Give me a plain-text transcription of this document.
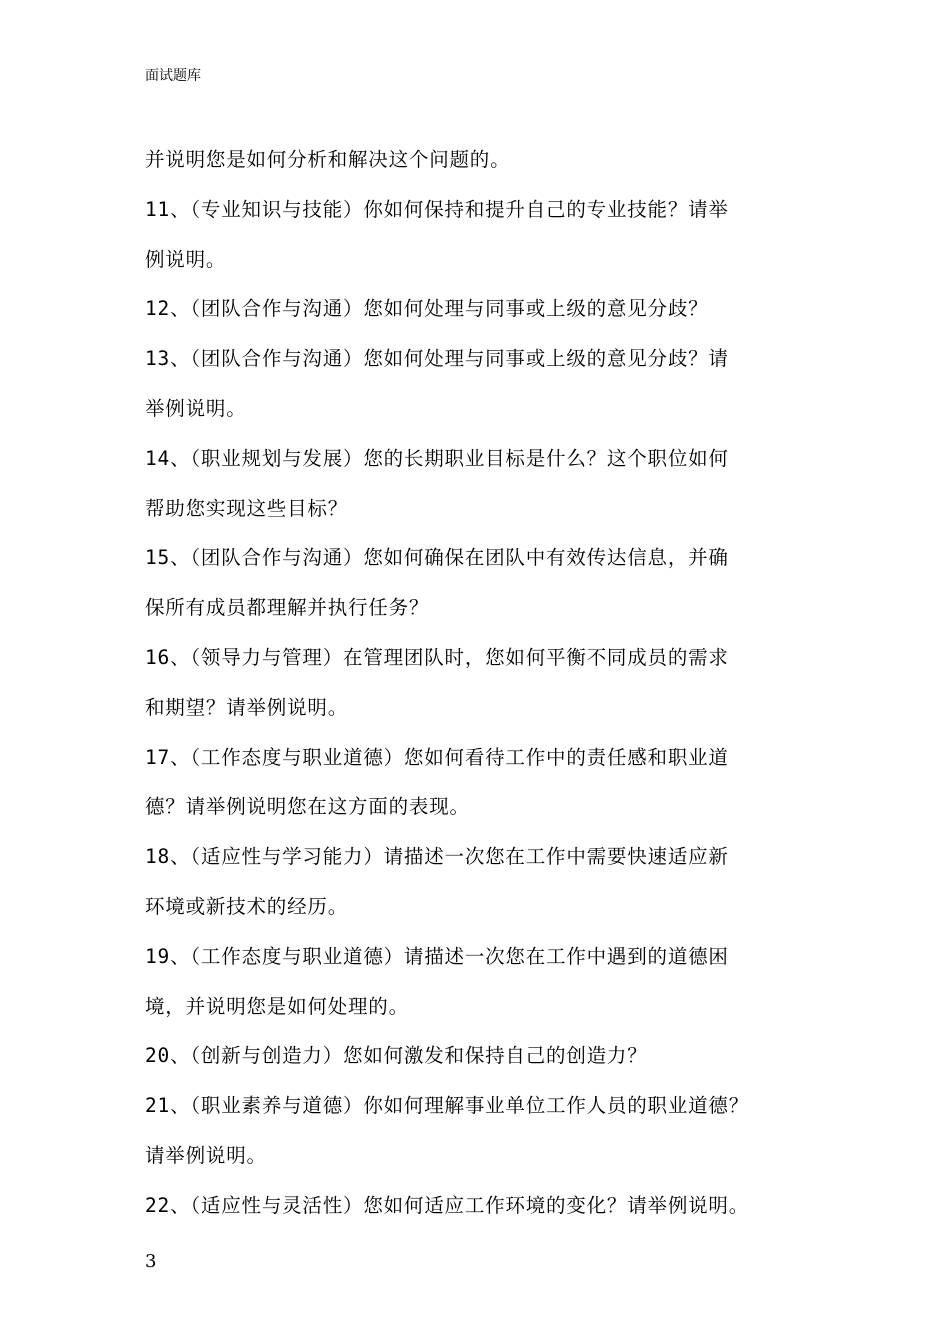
面试题库
并说明您是如何分析和解决这个问题的。
11、（专业知识与技能）你如何保持和提升自己的专业技能？请举
例说明。
12、（团队合作与沟通）您如何处理与同事或上级的意见分歧？
13、（团队合作与沟通）您如何处理与同事或上级的意见分歧？请
举例说明。
14、（职业规划与发展）您的长期职业目标是什么？这个职位如何
帮助您实现这些目标？
15、（团队合作与沟通）您如何确保在团队中有效传达信息，并确
保所有成员都理解并执行任务？
16、（领导力与管理）在管理团队时，您如何平衡不同成员的需求
和期望？请举例说明。
17、（工作态度与职业道德）您如何看待工作中的责任感和职业道
德？请举例说明您在这方面的表现。
18、（适应性与学习能力）请描述一次您在工作中需要快速适应新
环境或新技术的经历。
19、（工作态度与职业道德）请描述一次您在工作中遇到的道德困
境，并说明您是如何处理的。
20、（创新与创造力）您如何激发和保持自己的创造力？
21、（职业素养与道德）你如何理解事业单位工作人员的职业道德？
请举例说明。
22、（适应性与灵活性）您如何适应工作环境的变化？请举例说明。
3
